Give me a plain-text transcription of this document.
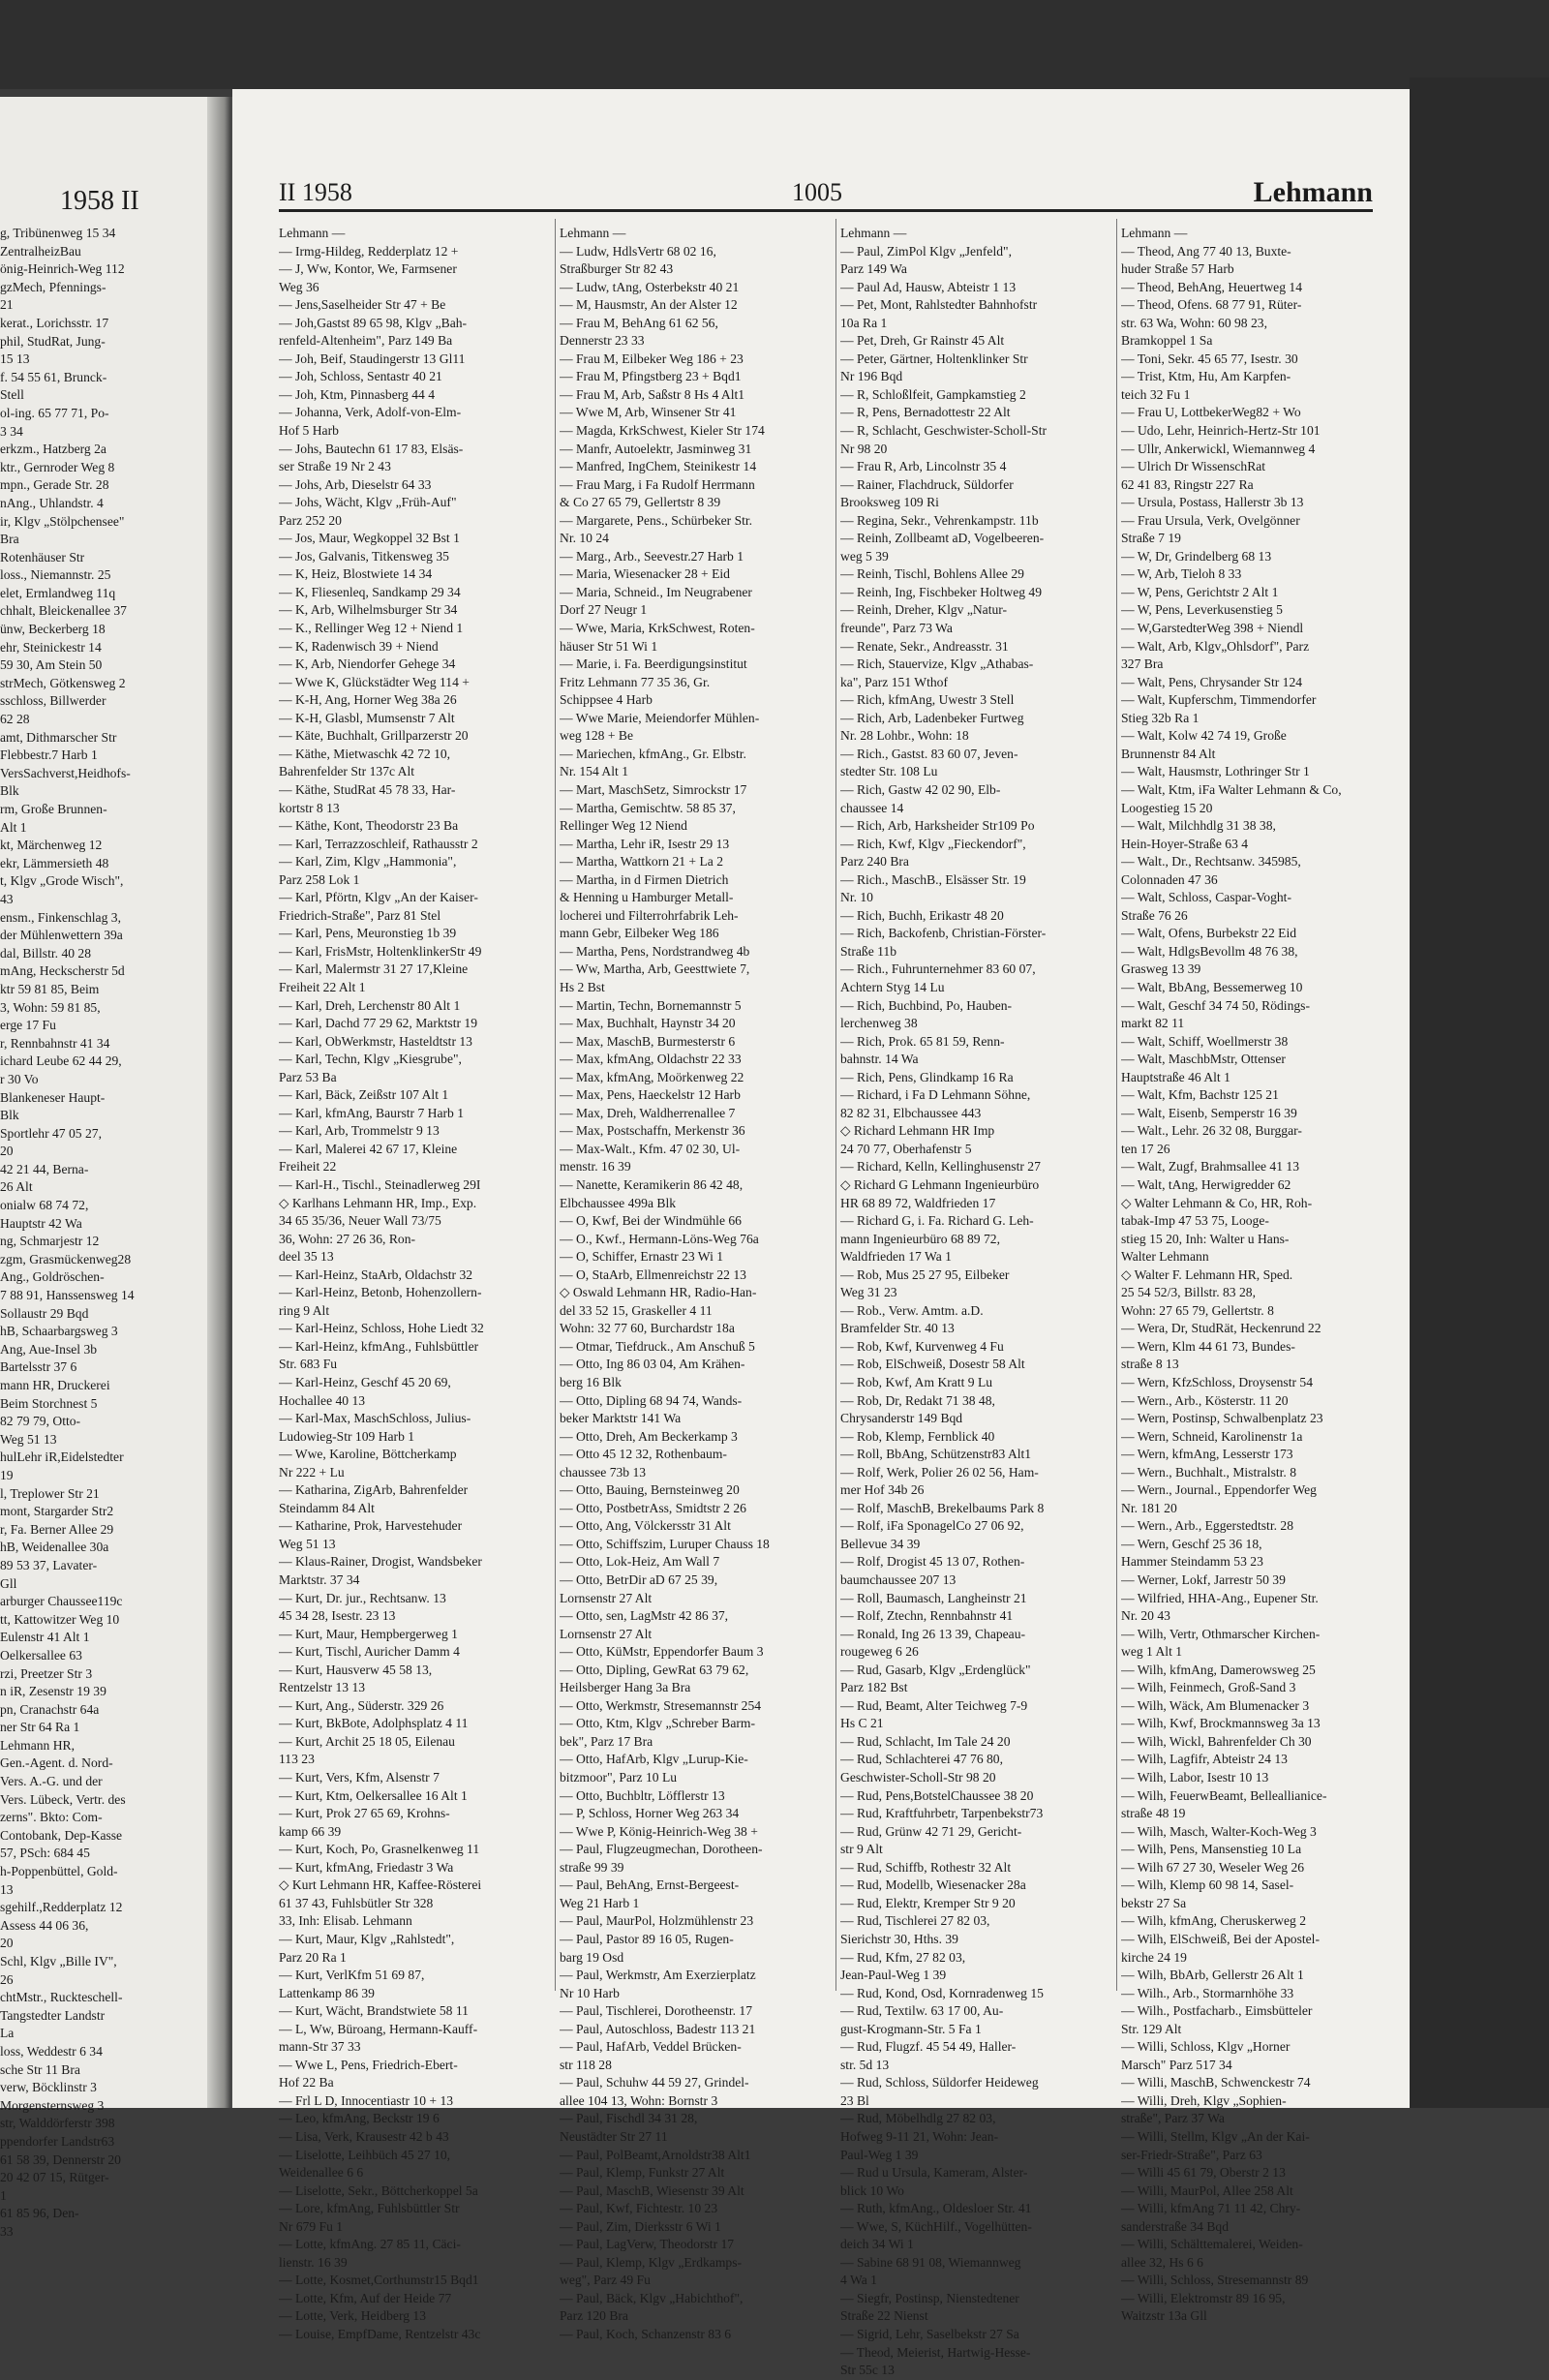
1958 II
g, Tribünenweg 15 34
ZentralheizBau
önig-Heinrich-Weg 112
gzMech, Pfennings-
21
kerat., Lorichsstr. 17
phil, StudRat, Jung-
15 13
f. 54 55 61, Brunck-
Stell
ol-ing. 65 77 71, Po-
3 34
erkzm., Hatzberg 2a
ktr., Gernroder Weg 8
mpn., Gerade Str. 28
nAng., Uhlandstr. 4
ir, Klgv „Stölpchensee"
Bra
Rotenhäuser Str
loss., Niemannstr. 25
elet, Ermlandweg 11q
chhalt, Bleickenallee 37
ünw, Beckerberg 18
ehr, Steinickestr 14
59 30, Am Stein 50
strMech, Götkensweg 2
sschloss, Billwerder
62 28
amt, Dithmarscher Str
Flebbestr.7 Harb 1
VersSachverst,Heidhofs-
Blk
rm, Große Brunnen-
Alt 1
kt, Märchenweg 12
ekr, Lämmersieth 48
t, Klgv „Grode Wisch",
43
ensm., Finkenschlag 3,
der Mühlenwettern 39a
dal, Billstr. 40 28
mAng, Heckscherstr 5d
ktr 59 81 85, Beim
3, Wohn: 59 81 85,
erge 17 Fu
r, Rennbahnstr 41 34
ichard Leube 62 44 29,
r 30 Vo
Blankeneser Haupt-
Blk
Sportlehr 47 05 27,
20
42 21 44, Berna-
26 Alt
onialw 68 74 72,
Hauptstr 42 Wa
ng, Schmarjestr 12
zgm, Grasmückenweg28
Ang., Goldröschen-
7 88 91, Hanssensweg 14
Sollaustr 29 Bqd
hB, Schaarbargsweg 3
Ang, Aue-Insel 3b
Bartelsstr 37 6
mann HR, Druckerei
Beim Storchnest 5
82 79 79, Otto-
Weg 51 13
hulLehr iR,Eidelstedter
19
l, Treplower Str 21
mont, Stargarder Str2
r, Fa. Berner Allee 29
hB, Weidenallee 30a
89 53 37, Lavater-
Gll
arburger Chaussee119c
tt, Kattowitzer Weg 10
Eulenstr 41 Alt 1
Oelkersallee 63
rzi, Preetzer Str 3
n iR, Zesenstr 19 39
pn, Cranachstr 64a
ner Str 64 Ra 1
Lehmann HR,
Gen.-Agent. d. Nord-
Vers. A.-G. und der
Vers. Lübeck, Vertr. des
zerns". Bkto: Com-
Contobank, Dep-Kasse
57, PSch: 684 45
h-Poppenbüttel, Gold-
13
sgehilf.,Redderplatz 12
Assess 44 06 36,
20
Schl, Klgv „Bille IV",
26
chtMstr., Ruckteschell-
Tangstedter Landstr
La
loss, Weddestr 6 34
sche Str 11 Bra
verw, Böcklinstr 3
Morgensternsweg 3
str, Walddörferstr 398
ppendorfer Landstr63
61 58 39, Dennerstr 20
20 42 07 15, Rütger-
1
61 85 96, Den-
33
II 1958	1005	Lehmann
Lehmann —
— Irmg-Hildeg, Redderplatz 12 +
— J, Ww, Kontor, We, Farmsener
Weg 36
— Jens,Saselheider Str 47 + Be
— Joh,Gastst 89 65 98, Klgv „Bah-
renfeld-Altenheim", Parz 149 Ba
— Joh, Beif, Staudingerstr 13 Gl11
— Joh, Schloss, Sentastr 40 21
— Joh, Ktm, Pinnasberg 44 4
— Johanna, Verk, Adolf-von-Elm-
Hof 5 Harb
— Johs, Bautechn 61 17 83, Elsäs-
ser Straße 19 Nr 2 43
— Johs, Arb, Dieselstr 64 33
— Johs, Wächt, Klgv „Früh-Auf"
Parz 252 20
— Jos, Maur, Wegkoppel 32 Bst 1
— Jos, Galvanis, Titkensweg 35
— K, Heiz, Blostwiete 14 34
— K, Fliesenleq, Sandkamp 29 34
— K, Arb, Wilhelmsburger Str 34
— K., Rellinger Weg 12 + Niend 1
— K, Radenwisch 39 + Niend
— K, Arb, Niendorfer Gehege 34
— Wwe K, Glückstädter Weg 114 +
— K-H, Ang, Horner Weg 38a 26
— K-H, Glasbl, Mumsenstr 7 Alt
— Käte, Buchhalt, Grillparzerstr 20
— Käthe, Mietwaschk 42 72 10,
Bahrenfelder Str 137c Alt
— Käthe, StudRat 45 78 33, Har-
kortstr 8 13
— Käthe, Kont, Theodorstr 23 Ba
— Karl, Terrazzoschleif, Rathausstr 2
— Karl, Zim, Klgv „Hammonia",
Parz 258 Lok 1
— Karl, Pförtn, Klgv „An der Kaiser-
Friedrich-Straße", Parz 81 Stel
— Karl, Pens, Meuronstieg 1b 39
— Karl, FrisMstr, HoltenklinkerStr 49
— Karl, Malermstr 31 27 17,Kleine
Freiheit 22 Alt 1
— Karl, Dreh, Lerchenstr 80 Alt 1
— Karl, Dachd 77 29 62, Marktstr 19
— Karl, ObWerkmstr, Hasteldtstr 13
— Karl, Techn, Klgv „Kiesgrube",
Parz 53 Ba
— Karl, Bäck, Zeißstr 107 Alt 1
— Karl, kfmAng, Baurstr 7 Harb 1
— Karl, Arb, Trommelstr 9 13
— Karl, Malerei 42 67 17, Kleine
Freiheit 22
— Karl-H., Tischl., Steinadlerweg 29I
◇ Karlhans Lehmann HR, Imp., Exp.
34 65 35/36, Neuer Wall 73/75
36, Wohn: 27 26 36, Ron-
deel 35 13
— Karl-Heinz, StaArb, Oldachstr 32
— Karl-Heinz, Betonb, Hohenzollern-
ring 9 Alt
— Karl-Heinz, Schloss, Hohe Liedt 32
— Karl-Heinz, kfmAng., Fuhlsbüttler
Str. 683 Fu
— Karl-Heinz, Geschf 45 20 69,
Hochallee 40 13
— Karl-Max, MaschSchloss, Julius-
Ludowieg-Str 109 Harb 1
— Wwe, Karoline, Böttcherkamp
Nr 222 + Lu
— Katharina, ZigArb, Bahrenfelder
Steindamm 84 Alt
— Katharine, Prok, Harvestehuder
Weg 51 13
— Klaus-Rainer, Drogist, Wandsbeker
Marktstr. 37 34
— Kurt, Dr. jur., Rechtsanw. 13
45 34 28, Isestr. 23 13
— Kurt, Maur, Hempbergerweg 1
— Kurt, Tischl, Auricher Damm 4
— Kurt, Hausverw 45 58 13,
Rentzelstr 13 13
— Kurt, Ang., Süderstr. 329 26
— Kurt, BkBote, Adolphsplatz 4 11
— Kurt, Archit 25 18 05, Eilenau
113 23
— Kurt, Vers, Kfm, Alsenstr 7
— Kurt, Ktm, Oelkersallee 16 Alt 1
— Kurt, Prok 27 65 69, Krohns-
kamp 66 39
— Kurt, Koch, Po, Grasnelkenweg 11
— Kurt, kfmAng, Friedastr 3 Wa
◇ Kurt Lehmann HR, Kaffee-Rösterei
61 37 43, Fuhlsbütler Str 328
33, Inh: Elisab. Lehmann
— Kurt, Maur, Klgv „Rahlstedt",
Parz 20 Ra 1
— Kurt, VerlKfm 51 69 87,
Lattenkamp 86 39
— Kurt, Wächt, Brandstwiete 58 11
— L, Ww, Büroang, Hermann-Kauff-
mann-Str 37 33
— Wwe L, Pens, Friedrich-Ebert-
Hof 22 Ba
— Frl L D, Innocentiastr 10 + 13
— Leo, kfmAng, Beckstr 19 6
— Lisa, Verk, Krausestr 42 b 43
— Liselotte, Leihbüch 45 27 10,
Weidenallee 6 6
— Liselotte, Sekr., Böttcherkoppel 5a
— Lore, kfmAng, Fuhlsbüttler Str
Nr 679 Fu 1
— Lotte, kfmAng. 27 85 11, Cäci-
lienstr. 16 39
— Lotte, Kosmet,Corthumstr15 Bqd1
— Lotte, Kfm, Auf der Heide 77
— Lotte, Verk, Heidberg 13
— Louise, EmpfDame, Rentzelstr 43c
Lehmann —
— Ludw, HdlsVertr 68 02 16,
Straßburger Str 82 43
— Ludw, tAng, Osterbekstr 40 21
— M, Hausmstr, An der Alster 12
— Frau M, BehAng 61 62 56,
Dennerstr 23 33
— Frau M, Eilbeker Weg 186 + 23
— Frau M, Pfingstberg 23 + Bqd1
— Frau M, Arb, Saßstr 8 Hs 4 Alt1
— Wwe M, Arb, Winsener Str 41
— Magda, KrkSchwest, Kieler Str 174
— Manfr, Autoelektr, Jasminweg 31
— Manfred, IngChem, Steinikestr 14
— Frau Marg, i Fa Rudolf Herrmann
& Co 27 65 79, Gellertstr 8 39
— Margarete, Pens., Schürbeker Str.
Nr. 10 24
— Marg., Arb., Seevestr.27 Harb 1
— Maria, Wiesenacker 28 + Eid
— Maria, Schneid., Im Neugrabener
Dorf 27 Neugr 1
— Wwe, Maria, KrkSchwest, Roten-
häuser Str 51 Wi 1
— Marie, i. Fa. Beerdigungsinstitut
Fritz Lehmann 77 35 36, Gr.
Schippsee 4 Harb
— Wwe Marie, Meiendorfer Mühlen-
weg 128 + Be
— Mariechen, kfmAng., Gr. Elbstr.
Nr. 154 Alt 1
— Mart, MaschSetz, Simrockstr 17
— Martha, Gemischtw. 58 85 37,
Rellinger Weg 12 Niend
— Martha, Lehr iR, Isestr 29 13
— Martha, Wattkorn 21 + La 2
— Martha, in d Firmen Dietrich
& Henning u Hamburger Metall-
locherei und Filterrohrfabrik Leh-
mann Gebr, Eilbeker Weg 186
— Martha, Pens, Nordstrandweg 4b
— Ww, Martha, Arb, Geesttwiete 7,
Hs 2 Bst
— Martin, Techn, Bornemannstr 5
— Max, Buchhalt, Haynstr 34 20
— Max, MaschB, Burmesterstr 6
— Max, kfmAng, Oldachstr 22 33
— Max, kfmAng, Moörkenweg 22
— Max, Pens, Haeckelstr 12 Harb
— Max, Dreh, Waldherrenallee 7
— Max, Postschaffn, Merkenstr 36
— Max-Walt., Kfm. 47 02 30, Ul-
menstr. 16 39
— Nanette, Keramikerin 86 42 48,
Elbchaussee 499a Blk
— O, Kwf, Bei der Windmühle 66
— O., Kwf., Hermann-Löns-Weg 76a
— O, Schiffer, Ernastr 23 Wi 1
— O, StaArb, Ellmenreichstr 22 13
◇ Oswald Lehmann HR, Radio-Han-
del 33 52 15, Graskeller 4 11
Wohn: 32 77 60, Burchardstr 18a
— Otmar, Tiefdruck., Am Anschuß 5
— Otto, Ing 86 03 04, Am Krähen-
berg 16 Blk
— Otto, Dipling 68 94 74, Wands-
beker Marktstr 141 Wa
— Otto, Dreh, Am Beckerkamp 3
— Otto 45 12 32, Rothenbaum-
chaussee 73b 13
— Otto, Bauing, Bernsteinweg 20
— Otto, PostbetrAss, Smidtstr 2 26
— Otto, Ang, Völckersstr 31 Alt
— Otto, Schiffszim, Luruper Chauss 18
— Otto, Lok-Heiz, Am Wall 7
— Otto, BetrDir aD 67 25 39,
Lornsenstr 27 Alt
— Otto, sen, LagMstr 42 86 37,
Lornsenstr 27 Alt
— Otto, KüMstr, Eppendorfer Baum 3
— Otto, Dipling, GewRat 63 79 62,
Heilsberger Hang 3a Bra
— Otto, Werkmstr, Stresemannstr 254
— Otto, Ktm, Klgv „Schreber Barm-
bek", Parz 17 Bra
— Otto, HafArb, Klgv „Lurup-Kie-
bitzmoor", Parz 10 Lu
— Otto, Buchbltr, Löfflerstr 13
— P, Schloss, Horner Weg 263 34
— Wwe P, König-Heinrich-Weg 38 +
— Paul, Flugzeugmechan, Dorotheen-
straße 99 39
— Paul, BehAng, Ernst-Bergeest-
Weg 21 Harb 1
— Paul, MaurPol, Holzmühlenstr 23
— Paul, Pastor 89 16 05, Rugen-
barg 19 Osd
— Paul, Werkmstr, Am Exerzierplatz
Nr 10 Harb
— Paul, Tischlerei, Dorotheenstr. 17
— Paul, Autoschloss, Badestr 113 21
— Paul, HafArb, Veddel Brücken-
str 118 28
— Paul, Schuhw 44 59 27, Grindel-
allee 104 13, Wohn: Bornstr 3
— Paul, Fischdl 34 31 28,
Neustädter Str 27 11
— Paul, PolBeamt,Arnoldstr38 Alt1
— Paul, Klemp, Funkstr 27 Alt
— Paul, MaschB, Wiesenstr 39 Alt
— Paul, Kwf, Fichtestr. 10 23
— Paul, Zim, Dierksstr 6 Wi 1
— Paul, LagVerw, Theodorstr 17
— Paul, Klemp, Klgv „Erdkamps-
weg", Parz 49 Fu
— Paul, Bäck, Klgv „Habichthof",
Parz 120 Bra
— Paul, Koch, Schanzenstr 83 6
Lehmann —
— Paul, ZimPol Klgv „Jenfeld",
Parz 149 Wa
— Paul Ad, Hausw, Abteistr 1 13
— Pet, Mont, Rahlstedter Bahnhofstr
10a Ra 1
— Pet, Dreh, Gr Rainstr 45 Alt
— Peter, Gärtner, Holtenklinker Str
Nr 196 Bqd
— R, Schloßlfeit, Gampkamstieg 2
— R, Pens, Bernadottestr 22 Alt
— R, Schlacht, Geschwister-Scholl-Str
Nr 98 20
— Frau R, Arb, Lincolnstr 35 4
— Rainer, Flachdruck, Süldorfer
Brooksweg 109 Ri
— Regina, Sekr., Vehrenkampstr. 11b
— Reinh, Zollbeamt aD, Vogelbeeren-
weg 5 39
— Reinh, Tischl, Bohlens Allee 29
— Reinh, Ing, Fischbeker Holtweg 49
— Reinh, Dreher, Klgv „Natur-
freunde", Parz 73 Wa
— Renate, Sekr., Andreasstr. 31
— Rich, Stauervize, Klgv „Athabas-
ka", Parz 151 Wthof
— Rich, kfmAng, Uwestr 3 Stell
— Rich, Arb, Ladenbeker Furtweg
Nr. 28 Lohbr., Wohn: 18
— Rich., Gastst. 83 60 07, Jeven-
stedter Str. 108 Lu
— Rich, Gastw 42 02 90, Elb-
chaussee 14
— Rich, Arb, Harksheider Str109 Po
— Rich, Kwf, Klgv „Fieckendorf",
Parz 240 Bra
— Rich., MaschB., Elsässer Str. 19
Nr. 10
— Rich, Buchh, Erikastr 48 20
— Rich, Backofenb, Christian-Förster-
Straße 11b
— Rich., Fuhrunternehmer 83 60 07,
Achtern Styg 14 Lu
— Rich, Buchbind, Po, Hauben-
lerchenweg 38
— Rich, Prok. 65 81 59, Renn-
bahnstr. 14 Wa
— Rich, Pens, Glindkamp 16 Ra
— Richard, i Fa D Lehmann Söhne,
82 82 31, Elbchaussee 443
◇ Richard Lehmann HR Imp
24 70 77, Oberhafenstr 5
— Richard, Kelln, Kellinghusenstr 27
◇ Richard G Lehmann Ingenieurbüro
HR 68 89 72, Waldfrieden 17
— Richard G, i. Fa. Richard G. Leh-
mann Ingenieurbüro 68 89 72,
Waldfrieden 17 Wa 1
— Rob, Mus 25 27 95, Eilbeker
Weg 31 23
— Rob., Verw. Amtm. a.D.
Bramfelder Str. 40 13
— Rob, Kwf, Kurvenweg 4 Fu
— Rob, ElSchweiß, Dosestr 58 Alt
— Rob, Kwf, Am Kratt 9 Lu
— Rob, Dr, Redakt 71 38 48,
Chrysanderstr 149 Bqd
— Rob, Klemp, Fernblick 40
— Roll, BbAng, Schützenstr83 Alt1
— Rolf, Werk, Polier 26 02 56, Ham-
mer Hof 34b 26
— Rolf, MaschB, Brekelbaums Park 8
— Rolf, iFa SponagelCo 27 06 92,
Bellevue 34 39
— Rolf, Drogist 45 13 07, Rothen-
baumchaussee 207 13
— Roll, Baumasch, Langheinstr 21
— Rolf, Ztechn, Rennbahnstr 41
— Ronald, Ing 26 13 39, Chapeau-
rougeweg 6 26
— Rud, Gasarb, Klgv „Erdenglück"
Parz 182 Bst
— Rud, Beamt, Alter Teichweg 7-9
Hs C 21
— Rud, Schlacht, Im Tale 24 20
— Rud, Schlachterei 47 76 80,
Geschwister-Scholl-Str 98 20
— Rud, Pens,BotstelChaussee 38 20
— Rud, Kraftfuhrbetr, Tarpenbekstr73
— Rud, Grünw 42 71 29, Gericht-
str 9 Alt
— Rud, Schiffb, Rothestr 32 Alt
— Rud, Modellb, Wiesenacker 28a
— Rud, Elektr, Kremper Str 9 20
— Rud, Tischlerei 27 82 03,
Sierichstr 30, Hths. 39
— Rud, Kfm, 27 82 03,
Jean-Paul-Weg 1 39
— Rud, Kond, Osd, Kornradenweg 15
— Rud, Textilw. 63 17 00, Au-
gust-Krogmann-Str. 5 Fa 1
— Rud, Flugzf. 45 54 49, Haller-
str. 5d 13
— Rud, Schloss, Süldorfer Heideweg
23 Bl
— Rud, Möbelhdlg 27 82 03,
Hofweg 9-11 21, Wohn: Jean-
Paul-Weg 1 39
— Rud u Ursula, Kameram, Alster-
blick 10 Wo
— Ruth, kfmAng., Oldesloer Str. 41
— Wwe, S, KüchHilf., Vogelhütten-
deich 34 Wi 1
— Sabine 68 91 08, Wiemannweg
4 Wa 1
— Siegfr, Postinsp, Nienstedtener
Straße 22 Nienst
— Sigrid, Lehr, Saselbekstr 27 Sa
— Theod, Meierist, Hartwig-Hesse-
Str 55c 13
Lehmann —
— Theod, Ang 77 40 13, Buxte-
huder Straße 57 Harb
— Theod, BehAng, Heuertweg 14
— Theod, Ofens. 68 77 91, Rüter-
str. 63 Wa, Wohn: 60 98 23,
Bramkoppel 1 Sa
— Toni, Sekr. 45 65 77, Isestr. 30
— Trist, Ktm, Hu, Am Karpfen-
teich 32 Fu 1
— Frau U, LottbekerWeg82 + Wo
— Udo, Lehr, Heinrich-Hertz-Str 101
— Ullr, Ankerwickl, Wiemannweg 4
— Ulrich Dr WissenschRat
62 41 83, Ringstr 227 Ra
— Ursula, Postass, Hallerstr 3b 13
— Frau Ursula, Verk, Ovelgönner
Straße 7 19
— W, Dr, Grindelberg 68 13
— W, Arb, Tieloh 8 33
— W, Pens, Gerichtstr 2 Alt 1
— W, Pens, Leverkusenstieg 5
— W,GarstedterWeg 398 + Niendl
— Walt, Arb, Klgv„Ohlsdorf", Parz
327 Bra
— Walt, Pens, Chrysander Str 124
— Walt, Kupferschm, Timmendorfer
Stieg 32b Ra 1
— Walt, Kolw 42 74 19, Große
Brunnenstr 84 Alt
— Walt, Hausmstr, Lothringer Str 1
— Walt, Ktm, iFa Walter Lehmann & Co,
Loogestieg 15 20
— Walt, Milchhdlg 31 38 38,
Hein-Hoyer-Straße 63 4
— Walt., Dr., Rechtsanw. 345985,
Colonnaden 47 36
— Walt, Schloss, Caspar-Voght-
Straße 76 26
— Walt, Ofens, Burbekstr 22 Eid
— Walt, HdlgsBevollm 48 76 38,
Grasweg 13 39
— Walt, BbAng, Bessemerweg 10
— Walt, Geschf 34 74 50, Rödings-
markt 82 11
— Walt, Schiff, Woellmerstr 38
— Walt, MaschbMstr, Ottenser
Hauptstraße 46 Alt 1
— Walt, Kfm, Bachstr 125 21
— Walt, Eisenb, Semperstr 16 39
— Walt., Lehr. 26 32 08, Burggar-
ten 17 26
— Walt, Zugf, Brahmsallee 41 13
— Walt, tAng, Herwigredder 62
◇ Walter Lehmann & Co, HR, Roh-
tabak-Imp 47 53 75, Looge-
stieg 15 20, Inh: Walter u Hans-
Walter Lehmann
◇ Walter F. Lehmann HR, Sped.
25 54 52/3, Billstr. 83 28,
Wohn: 27 65 79, Gellertstr. 8
— Wera, Dr, StudRät, Heckenrund 22
— Wern, Klm 44 61 73, Bundes-
straße 8 13
— Wern, KfzSchloss, Droysenstr 54
— Wern., Arb., Kösterstr. 11 20
— Wern, Postinsp, Schwalbenplatz 23
— Wern, Schneid, Karolinenstr 1a
— Wern, kfmAng, Lesserstr 173
— Wern., Buchhalt., Mistralstr. 8
— Wern., Journal., Eppendorfer Weg
Nr. 181 20
— Wern., Arb., Eggerstedtstr. 28
— Wern, Geschf 25 36 18,
Hammer Steindamm 53 23
— Werner, Lokf, Jarrestr 50 39
— Wilfried, HHA-Ang., Eupener Str.
Nr. 20 43
— Wilh, Vertr, Othmarscher Kirchen-
weg 1 Alt 1
— Wilh, kfmAng, Damerowsweg 25
— Wilh, Feinmech, Groß-Sand 3
— Wilh, Wäck, Am Blumenacker 3
— Wilh, Kwf, Brockmannsweg 3a 13
— Wilh, Wickl, Bahrenfelder Ch 30
— Wilh, Lagfifr, Abteistr 24 13
— Wilh, Labor, Isestr 10 13
— Wilh, FeuerwBeamt, Belleallianice-
straße 48 19
— Wilh, Masch, Walter-Koch-Weg 3
— Wilh, Pens, Mansenstieg 10 La
— Wilh 67 27 30, Weseler Weg 26
— Wilh, Klemp 60 98 14, Sasel-
bekstr 27 Sa
— Wilh, kfmAng, Cheruskerweg 2
— Wilh, ElSchweiß, Bei der Apostel-
kirche 24 19
— Wilh, BbArb, Gellerstr 26 Alt 1
— Wilh., Arb., Stormarnhöhe 33
— Wilh., Postfacharb., Eimsbütteler
Str. 129 Alt
— Willi, Schloss, Klgv „Horner
Marsch" Parz 517 34
— Willi, MaschB, Schwenckestr 74
— Willi, Dreh, Klgv „Sophien-
straße", Parz 37 Wa
— Willi, Stellm, Klgv „An der Kai-
ser-Friedr-Straße", Parz 63
— Willi 45 61 79, Oberstr 2 13
— Willi, MaurPol, Allee 258 Alt
— Willi, kfmAng 71 11 42, Chry-
sanderstraße 34 Bqd
— Willi, Schälttemalerei, Weiden-
allee 32, Hs 6 6
— Willi, Schloss, Stresemannstr 89
— Willi, Elektromstr 89 16 95,
Waitzstr 13a Gll
